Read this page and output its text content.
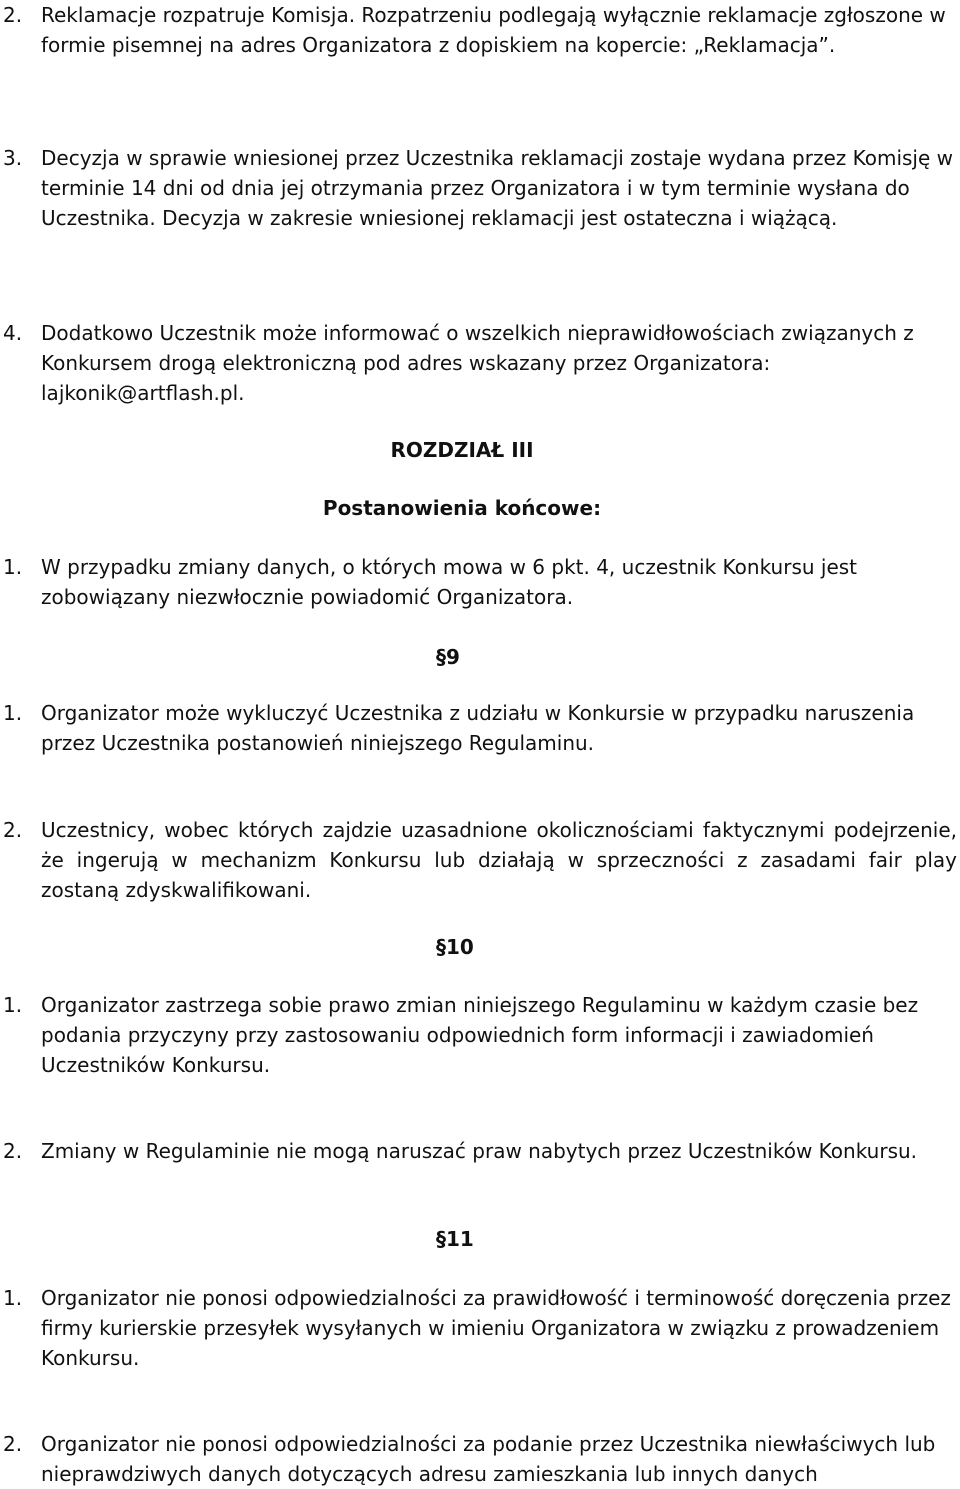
2. Reklamacje rozpatruje Komisja. Rozpatrzeniu podlegają wyłącznie reklamacje zgłoszone w formie pisemnej na adres Organizatora z dopiskiem na kopercie: „Reklamacja”.

3. Decyzja w sprawie wniesionej przez Uczestnika reklamacji zostaje wydana przez Komisję w terminie 14 dni od dnia jej otrzymania przez Organizatora i w tym terminie wysłana do Uczestnika. Decyzja w zakresie wniesionej reklamacji jest ostateczna i wiążącą.

4. Dodatkowo Uczestnik może informować o wszelkich nieprawidłowościach związanych z Konkursem drogą elektroniczną pod adres wskazany przez Organizatora: lajkonik@artflash.pl.

ROZDZIAŁ III

Postanowienia końcowe:

1. W przypadku zmiany danych, o których mowa w 6 pkt. 4, uczestnik Konkursu jest zobowiązany niezwłocznie powiadomić Organizatora.

§9

1. Organizator może wykluczyć Uczestnika z udziału w Konkursie w przypadku naruszenia przez Uczestnika postanowień niniejszego Regulaminu.

2. Uczestnicy, wobec których zajdzie uzasadnione okolicznościami faktycznymi podejrzenie, że ingerują w mechanizm Konkursu lub działają w sprzeczności z zasadami fair play zostaną zdyskwalifikowani.

§10

1. Organizator zastrzega sobie prawo zmian niniejszego Regulaminu w każdym czasie bez podania przyczyny przy zastosowaniu odpowiednich form informacji i zawiadomień Uczestników Konkursu.

2. Zmiany w Regulaminie nie mogą naruszać praw nabytych przez Uczestników Konkursu.

§11

1. Organizator nie ponosi odpowiedzialności za prawidłowość i terminowość doręczenia przez firmy kurierskie przesyłek wysyłanych w imieniu Organizatora w związku z prowadzeniem Konkursu.

2. Organizator nie ponosi odpowiedzialności za podanie przez Uczestnika niewłaściwych lub nieprawdziwych danych dotyczących adresu zamieszkania lub innych danych
